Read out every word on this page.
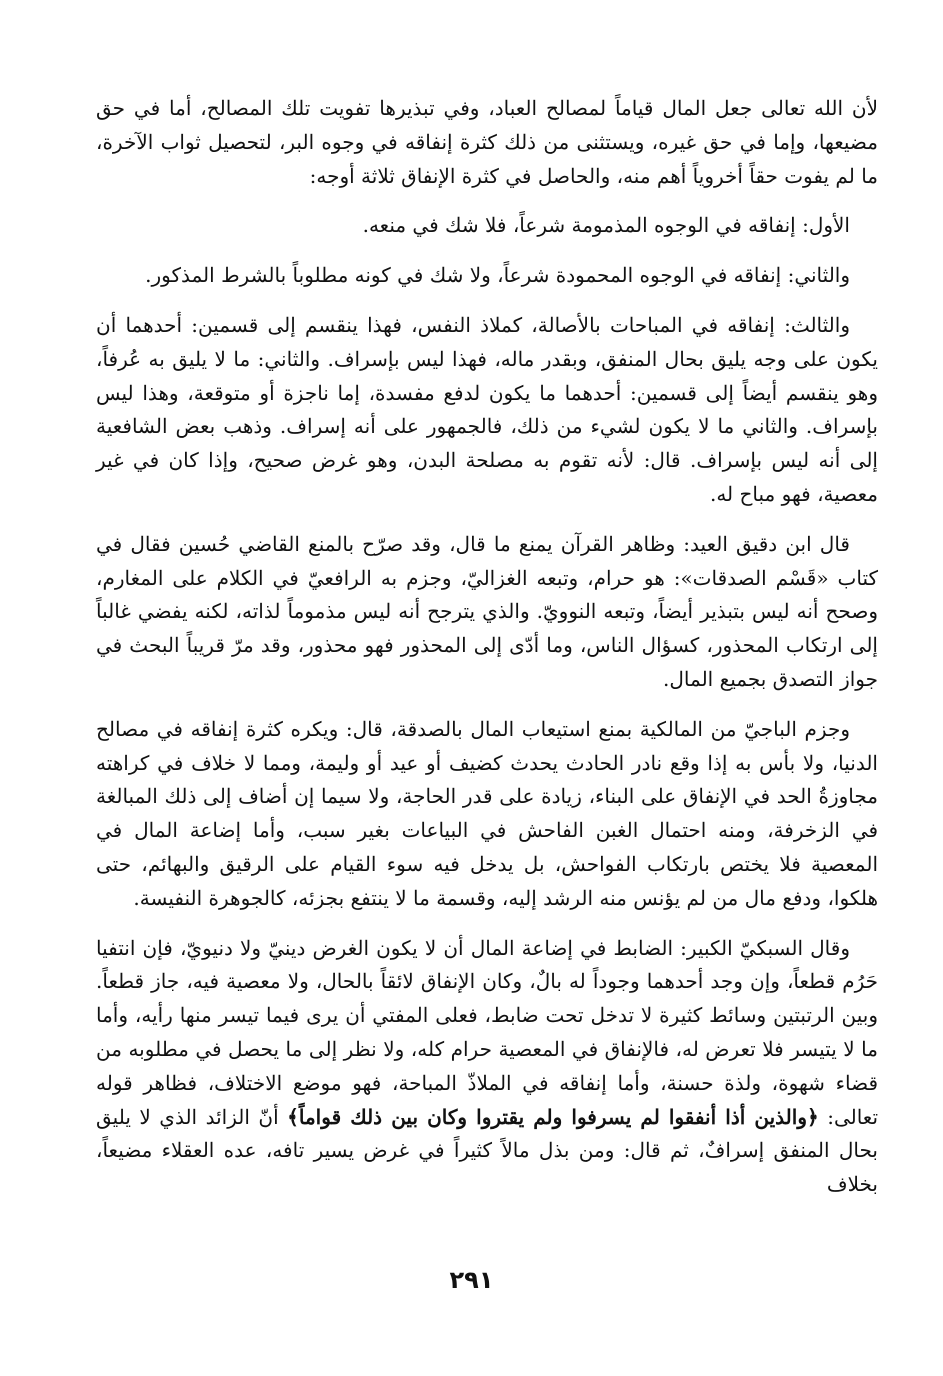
لأن الله تعالى جعل المال قياماً لمصالح العباد، وفي تبذيرها تفويت تلك المصالح، أما في حق مضيعها، وإما في حق غيره، ويستثنى من ذلك كثرة إنفاقه في وجوه البر، لتحصيل ثواب الآخرة، ما لم يفوت حقاً أخروياً أهم منه، والحاصل في كثرة الإنفاق ثلاثة أوجه:

الأول: إنفاقه في الوجوه المذمومة شرعاً، فلا شك في منعه.

والثاني: إنفاقه في الوجوه المحمودة شرعاً، ولا شك في كونه مطلوباً بالشرط المذكور.

والثالث: إنفاقه في المباحات بالأصالة، كملاذ النفس، فهذا ينقسم إلى قسمين: أحدهما أن يكون على وجه يليق بحال المنفق، وبقدر ماله، فهذا ليس بإسراف. والثاني: ما لا يليق به عُرفاً، وهو ينقسم أيضاً إلى قسمين: أحدهما ما يكون لدفع مفسدة، إما ناجزة أو متوقعة، وهذا ليس بإسراف. والثاني ما لا يكون لشيء من ذلك، فالجمهور على أنه إسراف. وذهب بعض الشافعية إلى أنه ليس بإسراف. قال: لأنه تقوم به مصلحة البدن، وهو غرض صحيح، وإذا كان في غير معصية، فهو مباح له.

قال ابن دقيق العيد: وظاهر القرآن يمنع ما قال، وقد صرّح بالمنع القاضي حُسين فقال في كتاب «قَسْم الصدقات»: هو حرام، وتبعه الغزاليّ، وجزم به الرافعيّ في الكلام على المغارم، وصحح أنه ليس بتبذير أيضاً، وتبعه النوويّ. والذي يترجح أنه ليس مذموماً لذاته، لكنه يفضي غالباً إلى ارتكاب المحذور، كسؤال الناس، وما أدّى إلى المحذور فهو محذور، وقد مرّ قريباً البحث في جواز التصدق بجميع المال.

وجزم الباجيّ من المالكية بمنع استيعاب المال بالصدقة، قال: ويكره كثرة إنفاقه في مصالح الدنيا، ولا بأس به إذا وقع نادر الحادث يحدث كضيف أو عيد أو وليمة، ومما لا خلاف في كراهته مجاوزةُ الحد في الإنفاق على البناء، زيادة على قدر الحاجة، ولا سيما إن أضاف إلى ذلك المبالغة في الزخرفة، ومنه احتمال الغبن الفاحش في البياعات بغير سبب، وأما إضاعة المال في المعصية فلا يختص بارتكاب الفواحش، بل يدخل فيه سوء القيام على الرقيق والبهائم، حتى هلكوا، ودفع مال من لم يؤنس منه الرشد إليه، وقسمة ما لا ينتفع بجزئه، كالجوهرة النفيسة.

وقال السبكيّ الكبير: الضابط في إضاعة المال أن لا يكون الغرض دينيّ ولا دنيويّ، فإن انتفيا حَرُم قطعاً، وإن وجد أحدهما وجوداً له بالٌ، وكان الإنفاق لائقاً بالحال، ولا معصية فيه، جاز قطعاً. وبين الرتبتين وسائط كثيرة لا تدخل تحت ضابط، فعلى المفتي أن يرى فيما تيسر منها رأيه، وأما ما لا يتيسر فلا تعرض له، فالإنفاق في المعصية حرام كله، ولا نظر إلى ما يحصل في مطلوبه من قضاء شهوة، ولذة حسنة، وأما إنفاقه في الملاذّ المباحة، فهو موضع الاختلاف، فظاهر قوله تعالى: ﴿والذين أذا أنفقوا لم يسرفوا ولم يقتروا وكان بين ذلك قواماً﴾ أنّ الزائد الذي لا يليق بحال المنفق إسرافٌ، ثم قال: ومن بذل مالاً كثيراً في غرض يسير تافه، عده العقلاء مضيعاً، بخلاف

٢٩١
